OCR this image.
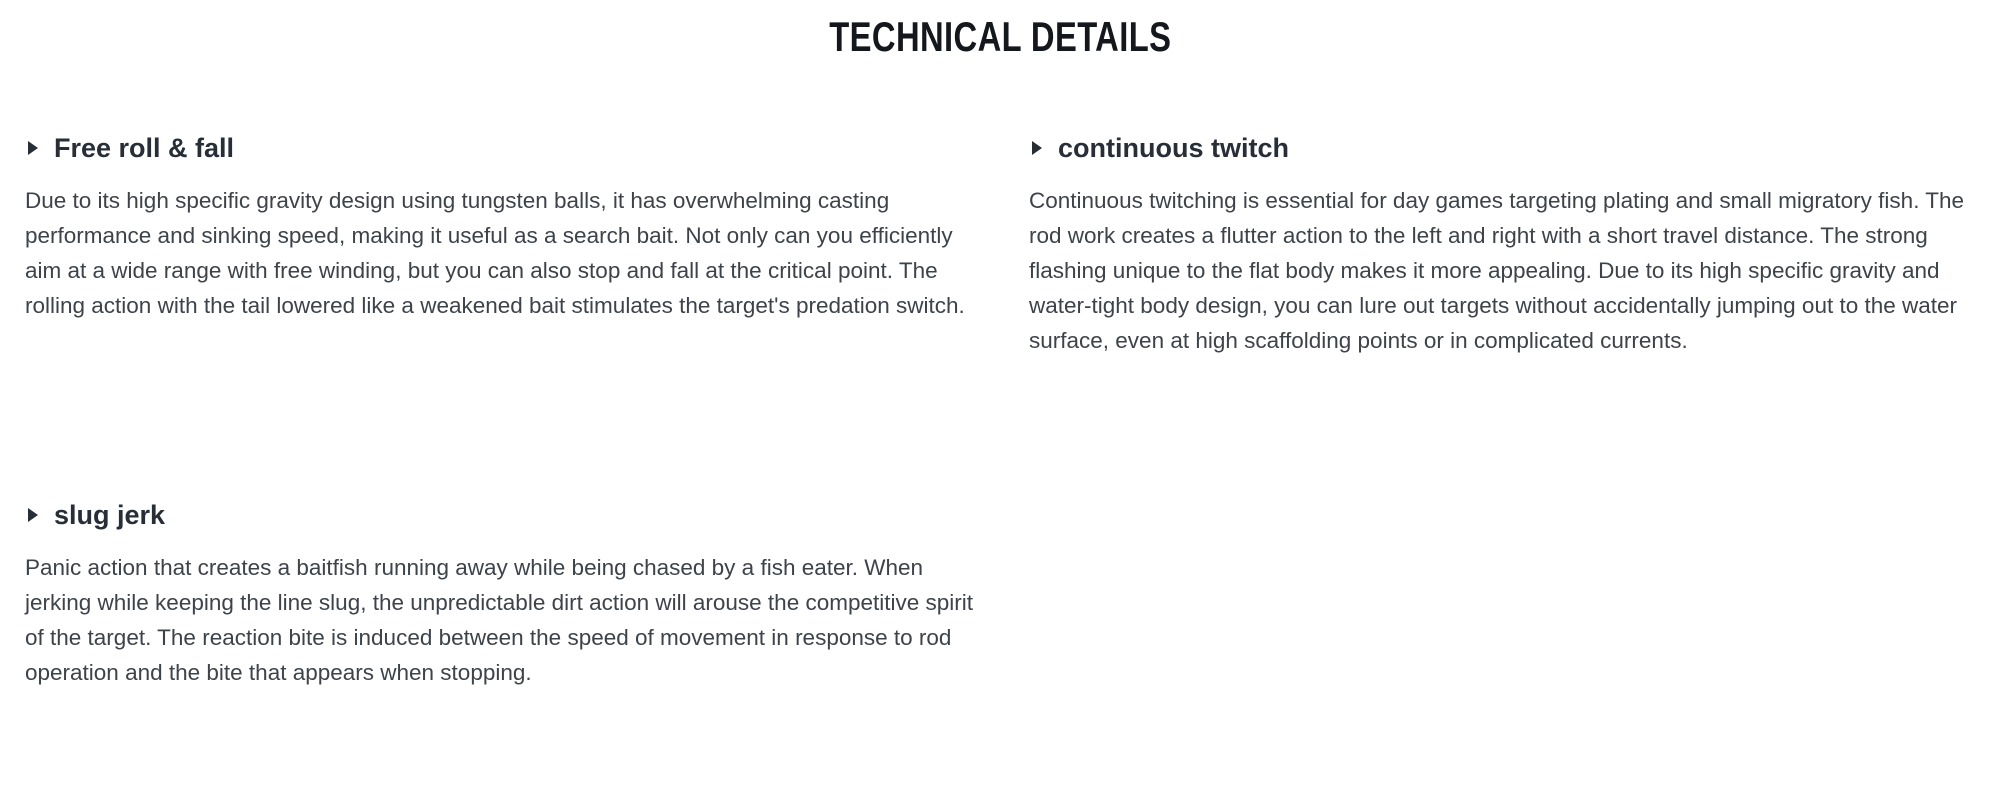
TECHNICAL DETAILS
Free roll & fall

Due to its high specific gravity design using tungsten balls, it has overwhelming casting performance and sinking speed, making it useful as a search bait. Not only can you efficiently aim at a wide range with free winding, but you can also stop and fall at the critical point. The rolling action with the tail lowered like a weakened bait stimulates the target's predation switch.

continuous twitch

Continuous twitching is essential for day games targeting plating and small migratory fish. The rod work creates a flutter action to the left and right with a short travel distance. The strong flashing unique to the flat body makes it more appealing. Due to its high specific gravity and water-tight body design, you can lure out targets without accidentally jumping out to the water surface, even at high scaffolding points or in complicated currents.

slug jerk

Panic action that creates a baitfish running away while being chased by a fish eater. When jerking while keeping the line slug, the unpredictable dirt action will arouse the competitive spirit of the target. The reaction bite is induced between the speed of movement in response to rod operation and the bite that appears when stopping.
